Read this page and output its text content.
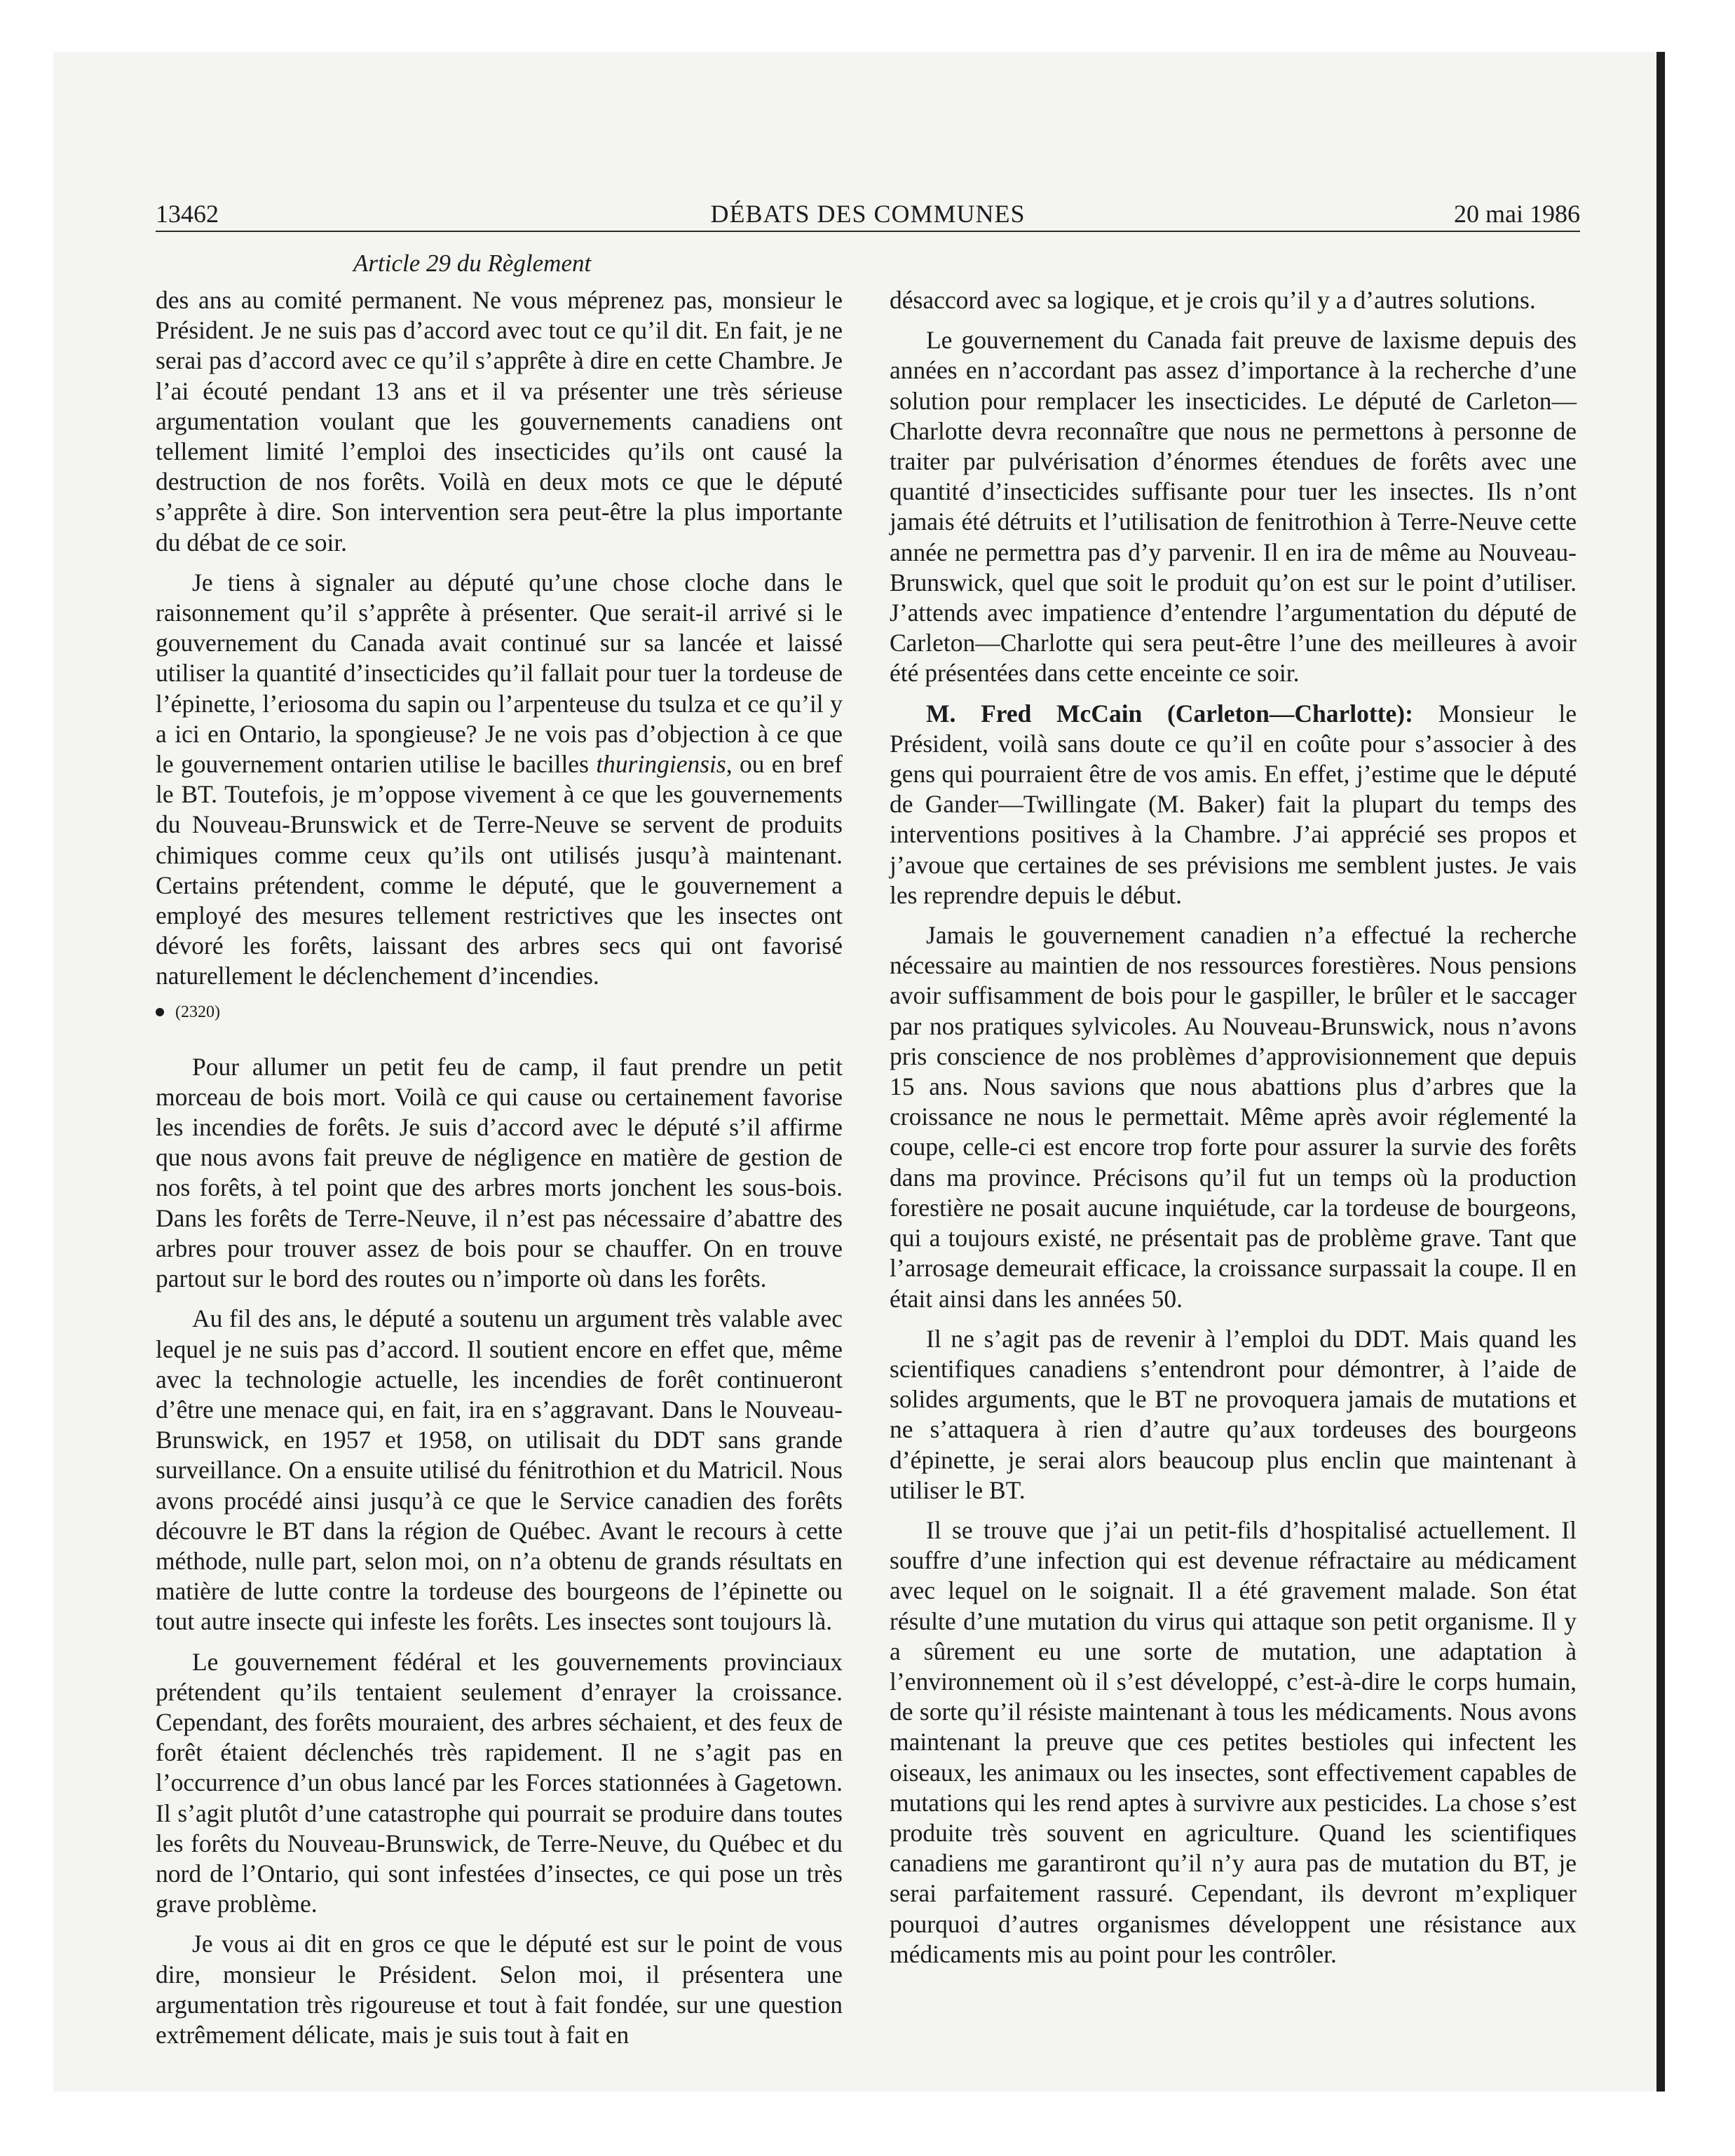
13462	DÉBATS DES COMMUNES	20 mai 1986
Article 29 du Règlement

des ans au comité permanent. Ne vous méprenez pas, monsieur le Président. Je ne suis pas d’accord avec tout ce qu’il dit. En fait, je ne serai pas d’accord avec ce qu’il s’apprête à dire en cette Chambre. Je l’ai écouté pendant 13 ans et il va présenter une très sérieuse argumentation voulant que les gouvernements canadiens ont tellement limité l’emploi des insecticides qu’ils ont causé la destruction de nos forêts. Voilà en deux mots ce que le député s’apprête à dire. Son intervention sera peut-être la plus importante du débat de ce soir.

Je tiens à signaler au député qu’une chose cloche dans le raisonnement qu’il s’apprête à présenter. Que serait-il arrivé si le gouvernement du Canada avait continué sur sa lancée et laissé utiliser la quantité d’insecticides qu’il fallait pour tuer la tordeuse de l’épinette, l’eriosoma du sapin ou l’arpenteuse du tsulza et ce qu’il y a ici en Ontario, la spongieuse? Je ne vois pas d’objection à ce que le gouvernement ontarien utilise le bacilles thuringiensis, ou en bref le BT. Toutefois, je m’oppose vivement à ce que les gouvernements du Nouveau-Brunswick et de Terre-Neuve se servent de produits chimiques comme ceux qu’ils ont utilisés jusqu’à maintenant. Certains prétendent, comme le député, que le gouvernement a employé des mesures tellement restrictives que les insectes ont dévoré les forêts, laissant des arbres secs qui ont favorisé naturellement le déclenchement d’incendies.

(2320)

Pour allumer un petit feu de camp, il faut prendre un petit morceau de bois mort. Voilà ce qui cause ou certainement favorise les incendies de forêts. Je suis d’accord avec le député s’il affirme que nous avons fait preuve de négligence en matière de gestion de nos forêts, à tel point que des arbres morts jonchent les sous-bois. Dans les forêts de Terre-Neuve, il n’est pas nécessaire d’abattre des arbres pour trouver assez de bois pour se chauffer. On en trouve partout sur le bord des routes ou n’importe où dans les forêts.

Au fil des ans, le député a soutenu un argument très valable avec lequel je ne suis pas d’accord. Il soutient encore en effet que, même avec la technologie actuelle, les incendies de forêt continueront d’être une menace qui, en fait, ira en s’aggravant. Dans le Nouveau-Brunswick, en 1957 et 1958, on utilisait du DDT sans grande surveillance. On a ensuite utilisé du fénitrothion et du Matricil. Nous avons procédé ainsi jusqu’à ce que le Service canadien des forêts découvre le BT dans la région de Québec. Avant le recours à cette méthode, nulle part, selon moi, on n’a obtenu de grands résultats en matière de lutte contre la tordeuse des bourgeons de l’épinette ou tout autre insecte qui infeste les forêts. Les insectes sont toujours là.

Le gouvernement fédéral et les gouvernements provinciaux prétendent qu’ils tentaient seulement d’enrayer la croissance. Cependant, des forêts mouraient, des arbres séchaient, et des feux de forêt étaient déclenchés très rapidement. Il ne s’agit pas en l’occurrence d’un obus lancé par les Forces stationnées à Gagetown. Il s’agit plutôt d’une catastrophe qui pourrait se produire dans toutes les forêts du Nouveau-Brunswick, de Terre-Neuve, du Québec et du nord de l’Ontario, qui sont infestées d’insectes, ce qui pose un très grave problème.

Je vous ai dit en gros ce que le député est sur le point de vous dire, monsieur le Président. Selon moi, il présentera une argumentation très rigoureuse et tout à fait fondée, sur une question extrêmement délicate, mais je suis tout à fait en

désaccord avec sa logique, et je crois qu’il y a d’autres solutions.

Le gouvernement du Canada fait preuve de laxisme depuis des années en n’accordant pas assez d’importance à la recherche d’une solution pour remplacer les insecticides. Le député de Carleton—Charlotte devra reconnaître que nous ne permettons à personne de traiter par pulvérisation d’énormes étendues de forêts avec une quantité d’insecticides suffisante pour tuer les insectes. Ils n’ont jamais été détruits et l’utilisation de fenitrothion à Terre-Neuve cette année ne permettra pas d’y parvenir. Il en ira de même au Nouveau-Brunswick, quel que soit le produit qu’on est sur le point d’utiliser. J’attends avec impatience d’entendre l’argumentation du député de Carleton—Charlotte qui sera peut-être l’une des meilleures à avoir été présentées dans cette enceinte ce soir.

M. Fred McCain (Carleton—Charlotte): Monsieur le Président, voilà sans doute ce qu’il en coûte pour s’associer à des gens qui pourraient être de vos amis. En effet, j’estime que le député de Gander—Twillingate (M. Baker) fait la plupart du temps des interventions positives à la Chambre. J’ai apprécié ses propos et j’avoue que certaines de ses prévisions me semblent justes. Je vais les reprendre depuis le début.

Jamais le gouvernement canadien n’a effectué la recherche nécessaire au maintien de nos ressources forestières. Nous pensions avoir suffisamment de bois pour le gaspiller, le brûler et le saccager par nos pratiques sylvicoles. Au Nouveau-Brunswick, nous n’avons pris conscience de nos problèmes d’approvisionnement que depuis 15 ans. Nous savions que nous abattions plus d’arbres que la croissance ne nous le permettait. Même après avoir réglementé la coupe, celle-ci est encore trop forte pour assurer la survie des forêts dans ma province. Précisons qu’il fut un temps où la production forestière ne posait aucune inquiétude, car la tordeuse de bourgeons, qui a toujours existé, ne présentait pas de problème grave. Tant que l’arrosage demeurait efficace, la croissance surpassait la coupe. Il en était ainsi dans les années 50.

Il ne s’agit pas de revenir à l’emploi du DDT. Mais quand les scientifiques canadiens s’entendront pour démontrer, à l’aide de solides arguments, que le BT ne provoquera jamais de mutations et ne s’attaquera à rien d’autre qu’aux tordeuses des bourgeons d’épinette, je serai alors beaucoup plus enclin que maintenant à utiliser le BT.

Il se trouve que j’ai un petit-fils d’hospitalisé actuellement. Il souffre d’une infection qui est devenue réfractaire au médicament avec lequel on le soignait. Il a été gravement malade. Son état résulte d’une mutation du virus qui attaque son petit organisme. Il y a sûrement eu une sorte de mutation, une adaptation à l’environnement où il s’est développé, c’est-à-dire le corps humain, de sorte qu’il résiste maintenant à tous les médicaments. Nous avons maintenant la preuve que ces petites bestioles qui infectent les oiseaux, les animaux ou les insectes, sont effectivement capables de mutations qui les rend aptes à survivre aux pesticides. La chose s’est produite très souvent en agriculture. Quand les scientifiques canadiens me garantiront qu’il n’y aura pas de mutation du BT, je serai parfaitement rassuré. Cependant, ils devront m’expliquer pourquoi d’autres organismes développent une résistance aux médicaments mis au point pour les contrôler.
